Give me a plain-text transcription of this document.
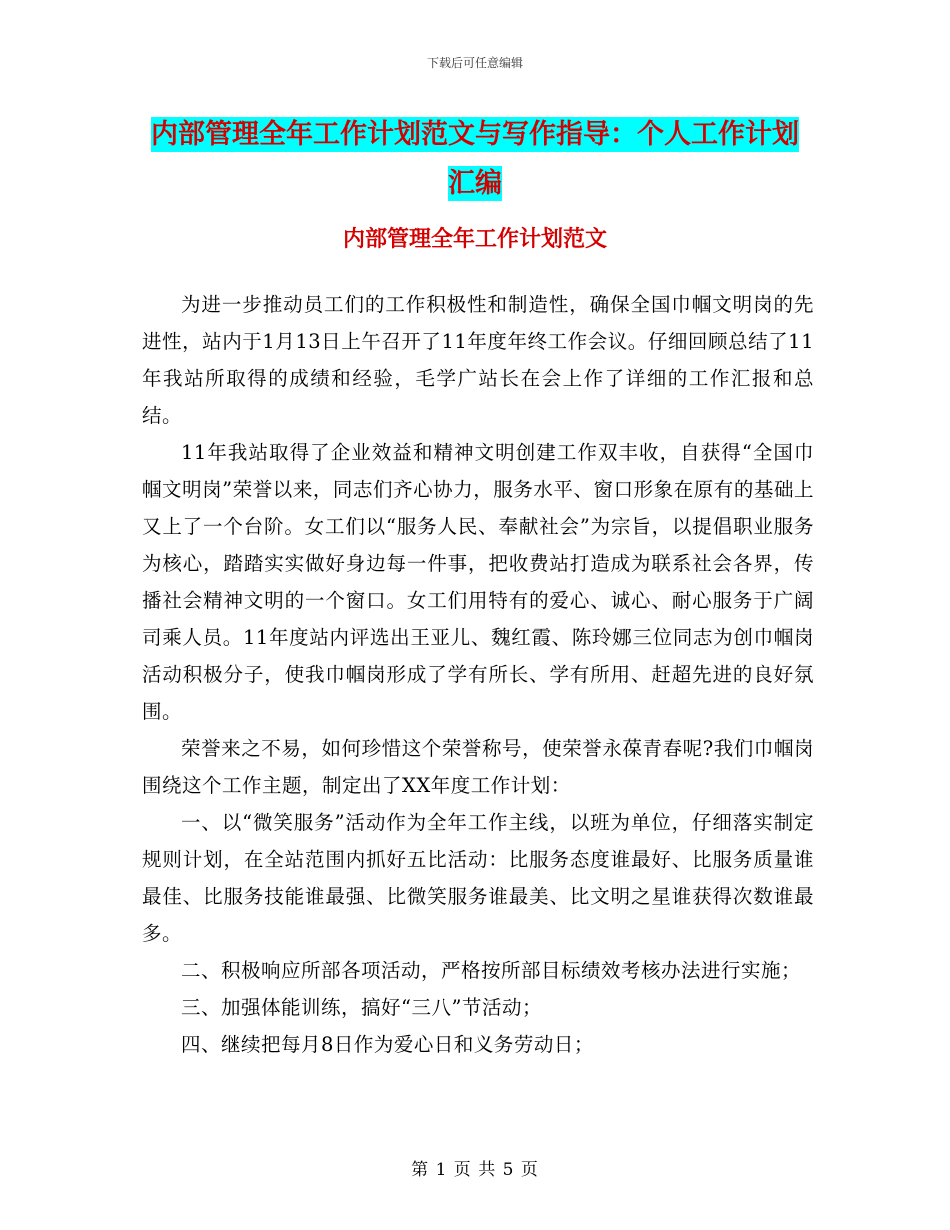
下载后可任意编辑
内部管理全年工作计划范文与写作指导：个人工作计划汇编
内部管理全年工作计划范文

为进一步推动员工们的工作积极性和制造性，确保全国巾帼文明岗的先进性，站内于1月13日上午召开了11年度年终工作会议。仔细回顾总结了11年我站所取得的成绩和经验，毛学广站长在会上作了详细的工作汇报和总结。

11年我站取得了企业效益和精神文明创建工作双丰收，自获得“全国巾帼文明岗”荣誉以来，同志们齐心协力，服务水平、窗口形象在原有的基础上又上了一个台阶。女工们以“服务人民、奉献社会”为宗旨，以提倡职业服务为核心，踏踏实实做好身边每一件事，把收费站打造成为联系社会各界，传播社会精神文明的一个窗口。女工们用特有的爱心、诚心、耐心服务于广阔司乘人员。11年度站内评选出王亚儿、魏红霞、陈玲娜三位同志为创巾帼岗活动积极分子，使我巾帼岗形成了学有所长、学有所用、赶超先进的良好氛围。

荣誉来之不易，如何珍惜这个荣誉称号，使荣誉永葆青春呢?我们巾帼岗围绕这个工作主题，制定出了XX年度工作计划：

一、以“微笑服务”活动作为全年工作主线，以班为单位，仔细落实制定规则计划，在全站范围内抓好五比活动：比服务态度谁最好、比服务质量谁最佳、比服务技能谁最强、比微笑服务谁最美、比文明之星谁获得次数谁最多。

二、积极响应所部各项活动，严格按所部目标绩效考核办法进行实施；

三、加强体能训练，搞好“三八”节活动；

四、继续把每月8日作为爱心日和义务劳动日；

第 1 页 共 5 页
